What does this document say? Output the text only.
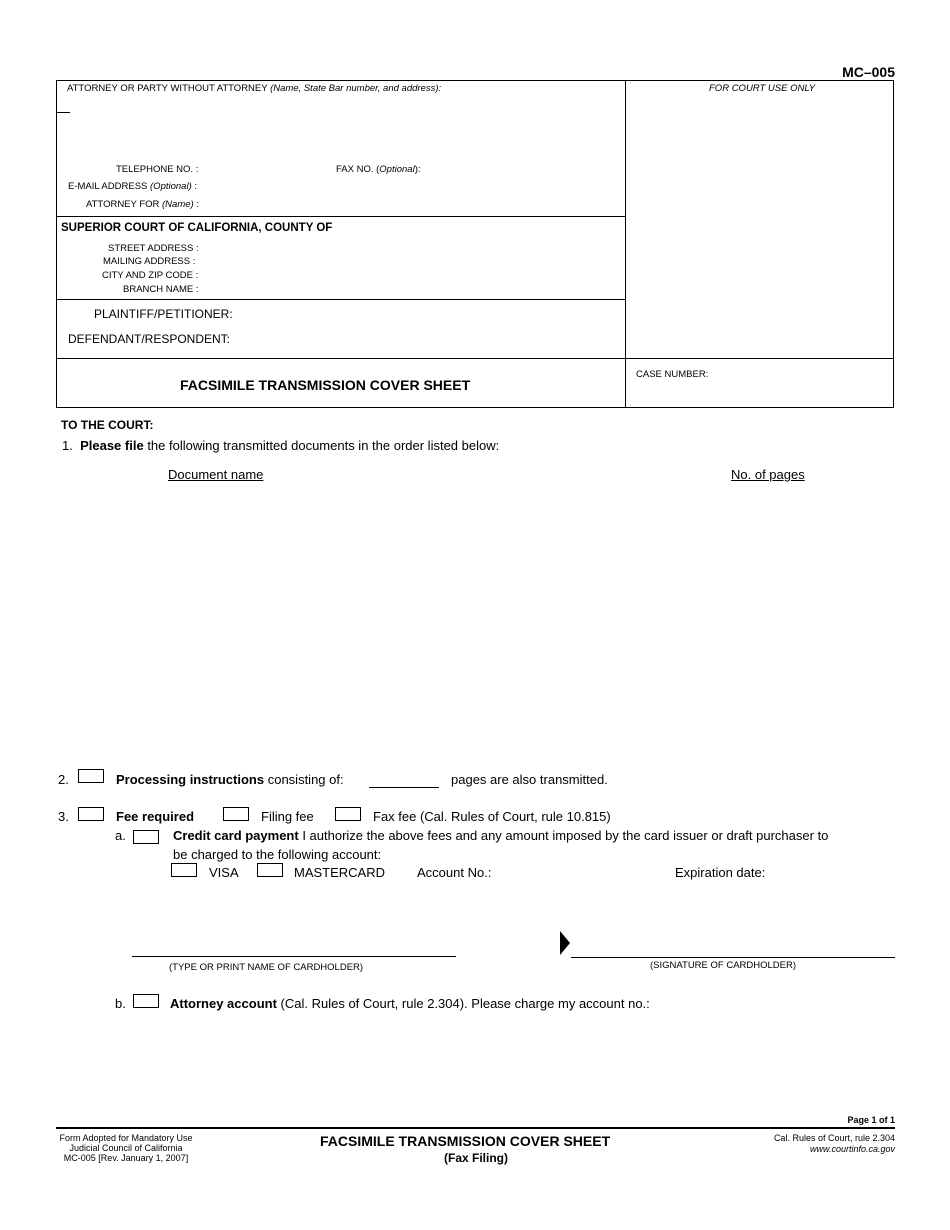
MC–005
ATTORNEY OR PARTY WITHOUT ATTORNEY (Name, State Bar number, and address):	FOR COURT USE ONLY
TELEPHONE NO. :	FAX NO. (Optional):
E-MAIL ADDRESS (Optional) :
ATTORNEY FOR (Name) :
SUPERIOR COURT OF CALIFORNIA, COUNTY OF
STREET ADDRESS :
MAILING ADDRESS :
CITY AND ZIP CODE :
BRANCH NAME :
PLAINTIFF/PETITIONER:
DEFENDANT/RESPONDENT:
FACSIMILE TRANSMISSION COVER SHEET
CASE NUMBER:
TO THE COURT:
1. Please file the following transmitted documents in the order listed below:
Document name	No. of pages
2.	Processing instructions consisting of:	pages are also transmitted.
3.	Fee required	Filing fee	Fax fee (Cal. Rules of Court, rule 10.815)
a.	Credit card payment I authorize the above fees and any amount imposed by the card issuer or draft purchaser to
be charged to the following account:
VISA	MASTERCARD Account No.:	Expiration date:
(TYPE OR PRINT NAME OF CARDHOLDER)	(SIGNATURE OF CARDHOLDER)
b.	Attorney account (Cal. Rules of Court, rule 2.304). Please charge my account no.:
Page 1 of 1
Form Adopted for Mandatory Use
Judicial Council of California
MC-005 [Rev. January 1, 2007]
FACSIMILE TRANSMISSION COVER SHEET
(Fax Filing)
Cal. Rules of Court, rule 2.304
www.courtinfo.ca.gov
